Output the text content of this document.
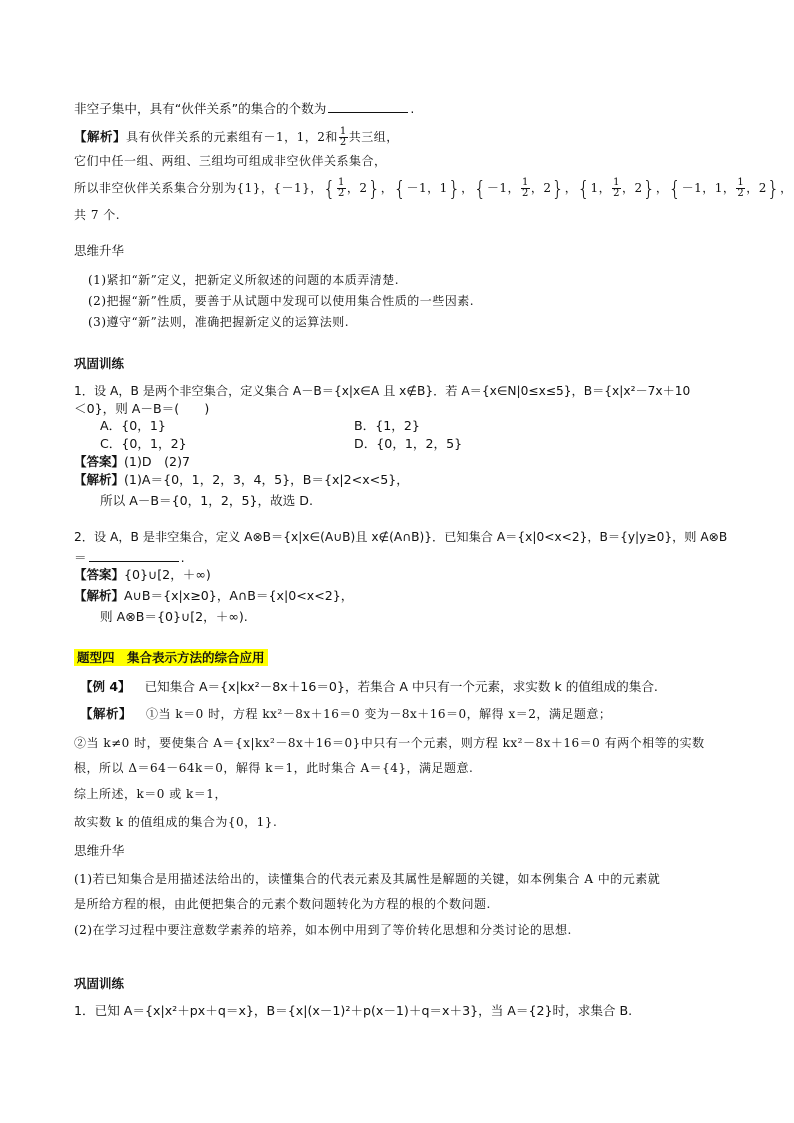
非空子集中，具有“伙伴关系”的集合的个数为	.
【解析】具有伙伴关系的元素组有－1，1，2和 $\frac{1}{2}$ 共三组，
它们中任一组、两组、三组均可组成非空伙伴关系集合，
所以非空伙伴关系集合分别为{1}，{－1}，{ $\frac{1}{2}$ ，2}，{－1，1}，{－1， $\frac{1}{2}$ ，2}，{1， $\frac{1}{2}$ ，2}，{－1，1， $\frac{1}{2}$ ，2}，
共 7 个.
思维升华
(1)紧扣“新”定义，把新定义所叙述的问题的本质弄清楚.
(2)把握“新”性质，要善于从试题中发现可以使用集合性质的一些因素.
(3)遵守“新”法则，准确把握新定义的运算法则.
巩固训练
1．设 A，B 是两个非空集合，定义集合 A－B＝{x|x∈A 且 x∉B}．若 A＝{x∈N|0≤x≤5}，B＝{x|x²－7x＋10
＜0}，则 A－B＝(　　)
A．{0，1}	B．{1，2}
C．{0，1，2}	D．{0，1，2，5}
【答案】(1)D　(2)7
【解析】(1)A＝{0，1，2，3，4，5}，B＝{x|2<x<5}，
所以 A－B＝{0，1，2，5}，故选 D.
2．设 A，B 是非空集合，定义 A⊗B＝{x|x∈(A∪B)且 x∉(A∩B)}．已知集合 A＝{x|0<x<2}，B＝{y|y≥0}，则 A⊗B
＝	.
【答案】{0}∪[2，＋∞)
【解析】A∪B＝{x|x≥0}，A∩B＝{x|0<x<2}，
则 A⊗B＝{0}∪[2，＋∞).
题型四　集合表示方法的综合应用
【例 4】 已知集合 A＝{x|kx²－8x＋16＝0}，若集合 A 中只有一个元素，求实数 k 的值组成的集合.
【解析】 ①当 k＝0 时，方程 kx²－8x＋16＝0 变为－8x＋16＝0，解得 x＝2，满足题意；
②当 k≠0 时，要使集合 A＝{x|kx²－8x＋16＝0}中只有一个元素，则方程 kx²－8x＋16＝0 有两个相等的实数
根，所以 Δ＝64－64k＝0，解得 k＝1，此时集合 A＝{4}，满足题意.
综上所述，k＝0 或 k＝1，
故实数 k 的值组成的集合为{0，1}.
思维升华
(1)若已知集合是用描述法给出的，读懂集合的代表元素及其属性是解题的关键，如本例集合 A 中的元素就
是所给方程的根，由此便把集合的元素个数问题转化为方程的根的个数问题.
(2)在学习过程中要注意数学素养的培养，如本例中用到了等价转化思想和分类讨论的思想.
巩固训练
1．已知 A＝{x|x²＋px＋q＝x}，B＝{x|(x－1)²＋p(x－1)＋q＝x＋3}，当 A＝{2}时，求集合 B.
